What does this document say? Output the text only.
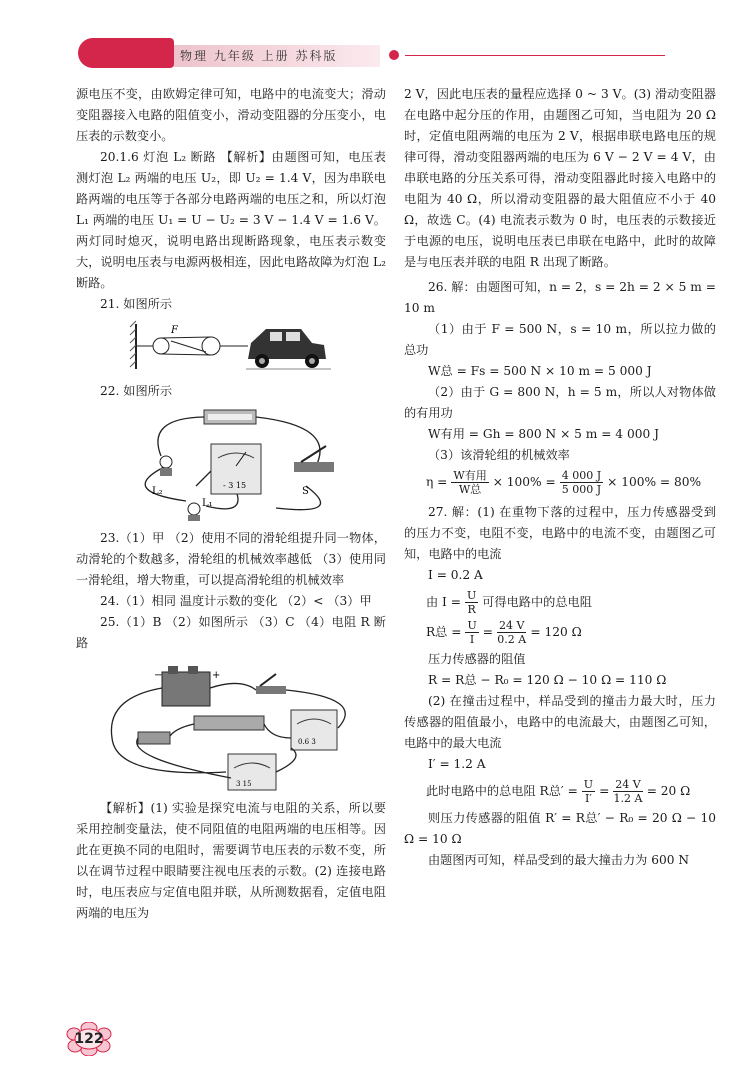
物理 九年级 上册 苏科版

源电压不变，由欧姆定律可知，电路中的电流变大；滑动变阻器接入电路的阻值变小，滑动变阻器的分压变小，电压表的示数变小。

20.1.6 灯泡 L₂ 断路 【解析】由题图可知，电压表测灯泡 L₂ 两端的电压 U₂，即 U₂ = 1.4 V，因为串联电路两端的电压等于各部分电路两端的电压之和，所以灯泡 L₁ 两端的电压 U₁ = U − U₂ = 3 V − 1.4 V = 1.6 V。两灯同时熄灭，说明电路出现断路现象，电压表示数变大，说明电压表与电源两极相连，因此电路故障为灯泡 L₂ 断路。

21. 如图所示

F

22. 如图所示

- 3 15
L₂
L₁
S

23.（1）甲 （2）使用不同的滑轮组提升同一物体，动滑轮的个数越多，滑轮组的机械效率越低 （3）使用同一滑轮组，增大物重，可以提高滑轮组的机械效率

24.（1）相同 温度计示数的变化 （2）< （3）甲

25.（1）B （2）如图所示 （3）C （4）电阻 R 断路

−	+
0.6 3
3 15

【解析】(1) 实验是探究电流与电阻的关系，所以要采用控制变量法，使不同阻值的电阻两端的电压相等。因此在更换不同的电阻时，需要调节电压表的示数不变，所以在调节过程中眼睛要注视电压表的示数。(2) 连接电路时，电压表应与定值电阻并联，从所测数据看，定值电阻两端的电压为

2 V，因此电压表的量程应选择 0 ~ 3 V。(3) 滑动变阻器在电路中起分压的作用，由题图乙可知，当电阻为 20 Ω 时，定值电阻两端的电压为 2 V，根据串联电路电压的规律可得，滑动变阻器两端的电压为 6 V − 2 V = 4 V，由串联电路的分压关系可得，滑动变阻器此时接入电路中的电阻为 40 Ω，所以滑动变阻器的最大阻值应不小于 40 Ω，故选 C。(4) 电流表示数为 0 时，电压表的示数接近于电源的电压，说明电压表已串联在电路中，此时的故障是与电压表并联的电阻 R 出现了断路。

26. 解：由题图可知，n = 2，s = 2h = 2 × 5 m = 10 m

（1）由于 F = 500 N，s = 10 m，所以拉力做的总功

W总 = Fs = 500 N × 10 m = 5 000 J

（2）由于 G = 800 N，h = 5 m，所以人对物体做的有用功

W有用 = Gh = 800 N × 5 m = 4 000 J

（3）该滑轮组的机械效率

$\eta = \frac{\text{W有用}}{\text{W总}} \times 100\% = \frac{4 000 J}{5 000 J} \times 100\% = 80\%$

27. 解：(1) 在重物下落的过程中，压力传感器受到的压力不变，电阻不变，电路中的电流不变，由题图乙可知，电路中的电流

I = 0.2 A

由 $I = \frac{U}{R}$ 可得电路中的总电阻
R总 = $\frac{U}{I} = \frac{24 V}{0.2 A} = 120$ Ω

压力传感器的阻值

R = R总 − R₀ = 120 Ω − 10 Ω = 110 Ω

(2) 在撞击过程中，样品受到的撞击力最大时，压力传感器的阻值最小，电路中的电流最大，由题图乙可知，电路中的最大电流

I′ = 1.2 A

此时电路中的总电阻 R总′ = $\frac{U}{I'} = \frac{24 V}{1.2 A} = 20$ Ω

则压力传感器的阻值 R′ = R总′ − R₀ = 20 Ω − 10 Ω = 10 Ω

由题图丙可知，样品受到的最大撞击力为 600 N

122
